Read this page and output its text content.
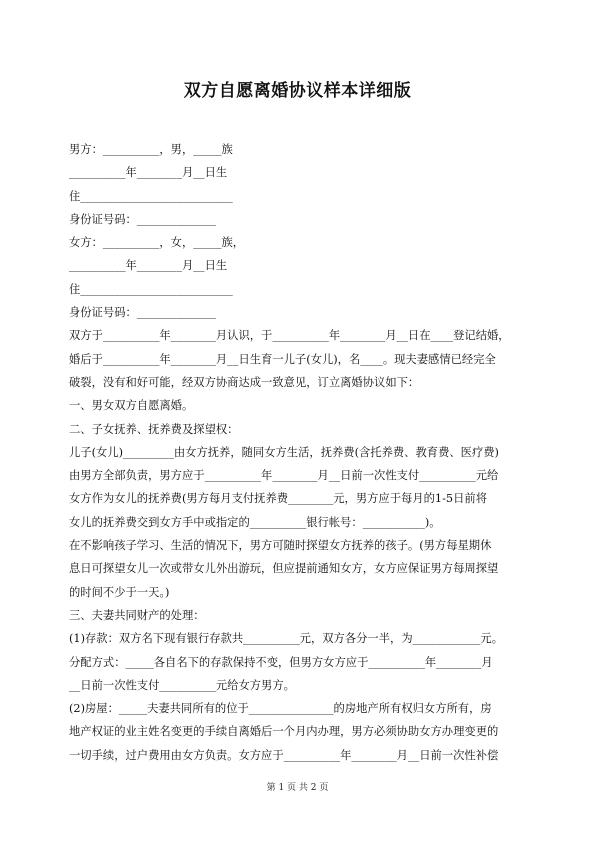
双方自愿离婚协议样本详细版
男方：__________，男，_____族
__________年________月__日生
住___________________________
身份证号码：______________
女方：__________，女，_____族，
__________年________月__日生
住___________________________
身份证号码：______________
双方于__________年________月认识，于__________年________月__日在____登记结婚，
婚后于__________年________月__日生育一儿子(女儿)，名____。现夫妻感情已经完全
破裂，没有和好可能，经双方协商达成一致意见，订立离婚协议如下：
一、男女双方自愿离婚。
二、子女抚养、抚养费及探望权：
儿子(女儿)_________由女方抚养，随同女方生活，抚养费(含托养费、教育费、医疗费)
由男方全部负责，男方应于__________年________月__日前一次性支付__________元给
女方作为女儿的抚养费(男方每月支付抚养费________元，男方应于每月的1-5日前将
女儿的抚养费交到女方手中或指定的__________银行帐号：___________)。
在不影响孩子学习、生活的情况下，男方可随时探望女方抚养的孩子。(男方每星期休
息日可探望女儿一次或带女儿外出游玩，但应提前通知女方，女方应保证男方每周探望
的时间不少于一天。)
三、夫妻共同财产的处理：
(1)存款：双方名下现有银行存款共__________元，双方各分一半，为____________元。
分配方式：_____各自名下的存款保持不变，但男方女方应于__________年________月
__日前一次性支付__________元给女方男方。
(2)房屋：_____夫妻共同所有的位于_______________的房地产所有权归女方所有，房
地产权证的业主姓名变更的手续自离婚后一个月内办理，男方必须协助女方办理变更的
一切手续，过户费用由女方负责。女方应于__________年________月__日前一次性补偿
第 1 页 共 2 页
